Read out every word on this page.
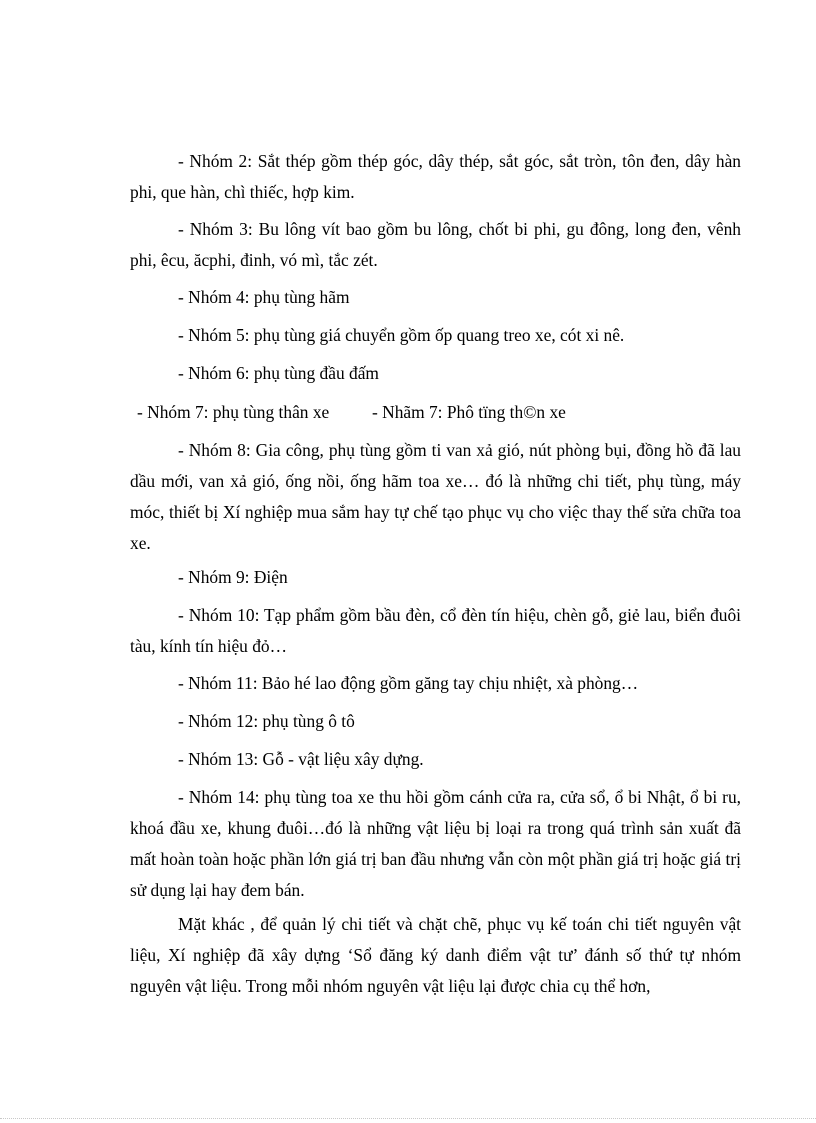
- Nhóm 2: Sắt thép gồm thép góc, dây thép, sắt góc, sắt tròn, tôn đen, dây hàn phi, que hàn, chì thiếc, hợp kim.

- Nhóm 3: Bu lông vít bao gồm bu lông, chốt bi phi, gu đông, long đen, vênh phi, êcu, ăcphi, đinh, vó mì, tắc zét.

- Nhóm 4: phụ tùng hãm

- Nhóm 5: phụ tùng giá chuyển gồm ốp quang treo xe, cót xi nê.

- Nhóm 6: phụ tùng đầu đấm

- Nhóm 7: phụ tùng thân xe - Nhãm 7: Phô tïng th©n xe

- Nhóm 8: Gia công, phụ tùng gồm ti van xả gió, nút phòng bụi, đồng hồ đã lau dầu mới, van xả gió, ống nồi, ống hãm toa xe… đó là những chi tiết, phụ tùng, máy móc, thiết bị Xí nghiệp mua sắm hay tự chế tạo phục vụ cho việc thay thế sửa chữa toa xe.

- Nhóm 9: Điện

- Nhóm 10: Tạp phẩm gồm bầu đèn, cổ đèn tín hiệu, chèn gỗ, giẻ lau, biển đuôi tàu, kính tín hiệu đỏ…

- Nhóm 11: Bảo hé lao động gồm găng tay chịu nhiệt, xà phòng…

- Nhóm 12: phụ tùng ô tô

- Nhóm 13: Gỗ - vật liệu xây dựng.

- Nhóm 14: phụ tùng toa xe thu hồi gồm cánh cửa ra, cửa sổ, ổ bi Nhật, ổ bi ru, khoá đầu xe, khung đuôi…đó là những vật liệu bị loại ra trong quá trình sản xuất đã mất hoàn toàn hoặc phần lớn giá trị ban đầu nhưng vẫn còn một phần giá trị hoặc giá trị sử dụng lại hay đem bán.

Mặt khác , để quản lý chi tiết và chặt chẽ, phục vụ kế toán chi tiết nguyên vật liệu, Xí nghiệp đã xây dựng ‘Sổ đăng ký danh điểm vật tư’ đánh số thứ tự nhóm nguyên vật liệu. Trong mỗi nhóm nguyên vật liệu lại được chia cụ thể hơn,
